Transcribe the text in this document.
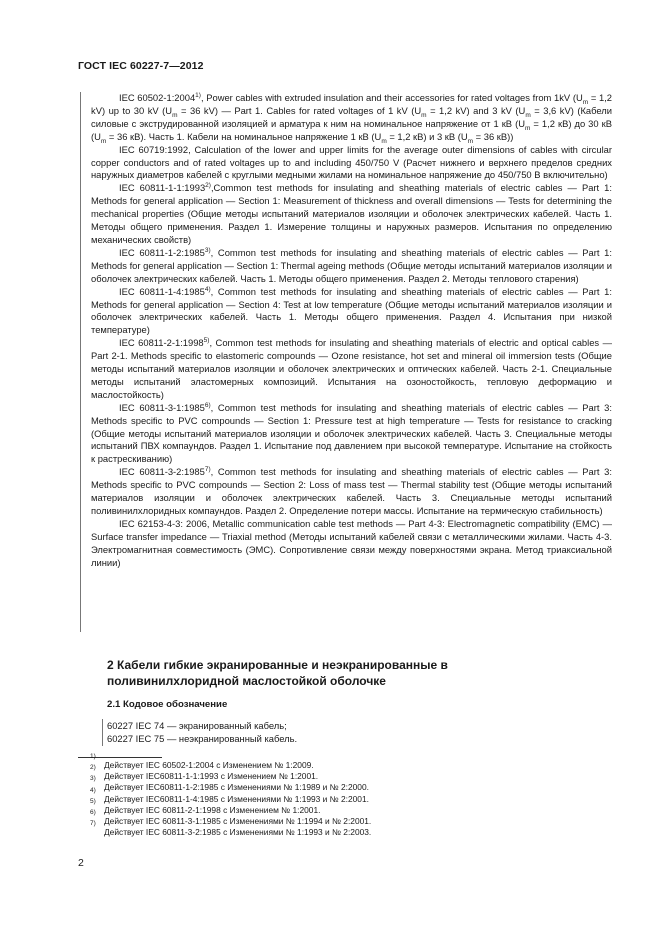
ГОСТ IEC 60227-7—2012

IEC 60502-1:2004$^{1)}$, Power cables with extruded insulation and their accessories for rated voltages from 1kV ($U_m = 1,2$ kV) up to 30 kV ($U_m = 36$ kV) — Part 1. Cables for rated voltages of 1 kV ($U_m = 1,2$ kV) and 3 kV ($U_m = 3,6$ kV) (Кабели силовые с экструдированной изоляцией и арматура к ним на номинальное напряжение от 1 кВ ($U_m = 1,2$ кВ) до 30 кВ ($U_m = 36$ кВ). Часть 1. Кабели на номинальное напряжение 1 кВ ($U_m = 1,2$ кВ) и 3 кВ ($U_m = 36$ кВ))

IEC 60719:1992, Calculation of the lower and upper limits for the average outer dimensions of cables with circular copper conductors and of rated voltages up to and including 450/750 V (Расчет нижнего и верхнего пределов средних наружных диаметров кабелей с круглыми медными жилами на номинальное напряжение до 450/750 В включительно)

IEC 60811-1-1:1993$^{2)}$,Common test methods for insulating and sheathing materials of electric cables — Part 1: Methods for general application — Section 1: Measurement of thickness and overall dimensions — Tests for determining the mechanical properties (Общие методы испытаний материалов изоляции и оболочек электрических кабелей. Часть 1. Методы общего применения. Раздел 1. Измерение толщины и наружных размеров. Испытания по определению механических свойств)

IEC 60811-1-2:1985$^{3)}$, Common test methods for insulating and sheathing materials of electric cables — Part 1: Methods for general application — Section 1: Thermal ageing methods (Общие методы испытаний материалов изоляции и оболочек электрических кабелей. Часть 1. Методы общего применения. Раздел 2. Методы теплового старения)

IEC 60811-1-4:1985$^{4)}$, Common test methods for insulating and sheathing materials of electric cables — Part 1: Methods for general application — Section 4: Test at low temperature (Общие методы испытаний материалов изоляции и оболочек электрических кабелей. Часть 1. Методы общего применения. Раздел 4. Испытания при низкой температуре)

IEC 60811-2-1:1998$^{5)}$, Common test methods for insulating and sheathing materials of electric and optical cables — Part 2-1. Methods specific to elastomeric compounds — Ozone resistance, hot set and mineral oil immersion tests (Общие методы испытаний материалов изоляции и оболочек электрических и оптических кабелей. Часть 2-1. Специальные методы испытаний эластомерных композиций. Испытания на озоностойкость, тепловую деформацию и маслостойкость)

IEC 60811-3-1:1985$^{6)}$, Common test methods for insulating and sheathing materials of electric cables — Part 3: Methods specific to PVC compounds — Section 1: Pressure test at high temperature — Tests for resistance to cracking (Общие методы испытаний материалов изоляции и оболочек электрических кабелей. Часть 3. Специальные методы испытаний ПВХ компаундов. Раздел 1. Испытание под давлением при высокой температуре. Испытание на стойкость к растрескиванию)

IEC 60811-3-2:1985$^{7)}$, Common test methods for insulating and sheathing materials of electric cables — Part 3: Methods specific to PVC compounds — Section 2: Loss of mass test — Thermal stability test (Общие методы испытаний материалов изоляции и оболочек электрических кабелей. Часть 3. Специальные методы испытаний поливинилхлоридных компаундов. Раздел 2. Определение потери массы. Испытание на термическую стабильность)

IEC 62153-4-3: 2006, Metallic communication cable test methods — Part 4-3: Electromagnetic compatibility (EMC) — Surface transfer impedance — Triaxial method (Методы испытаний кабелей связи с металлическими жилами. Часть 4-3. Электромагнитная совместимость (ЭМС). Сопротивление связи между поверхностями экрана. Метод триаксиальной линии)

2 Кабели гибкие экранированные и неэкранированные в поливинилхлоридной маслостойкой оболочке
2.1 Кодовое обозначение
60227 IEC 74 — экранированный кабель;
60227 IEC 75 — неэкранированный кабель.
Действует IEC 60502-1:2004 с Изменением № 1:2009.
2)
Действует IEC60811-1-1:1993 с Изменением № 1:2001.
3)
Действует IEC60811-1-2:1985 с Изменениями № 1:1989 и № 2:2000.
4)
Действует IEC60811-1-4:1985 с Изменениями № 1:1993 и № 2:2001.
5)
Действует IEC 60811-2-1:1998 с Изменением № 1:2001.
6)
Действует IEC 60811-3-1:1985 с Изменениями № 1:1994 и № 2:2001.
7)
Действует IEC 60811-3-2:1985 с Изменениями № 1:1993 и № 2:2003.
2
